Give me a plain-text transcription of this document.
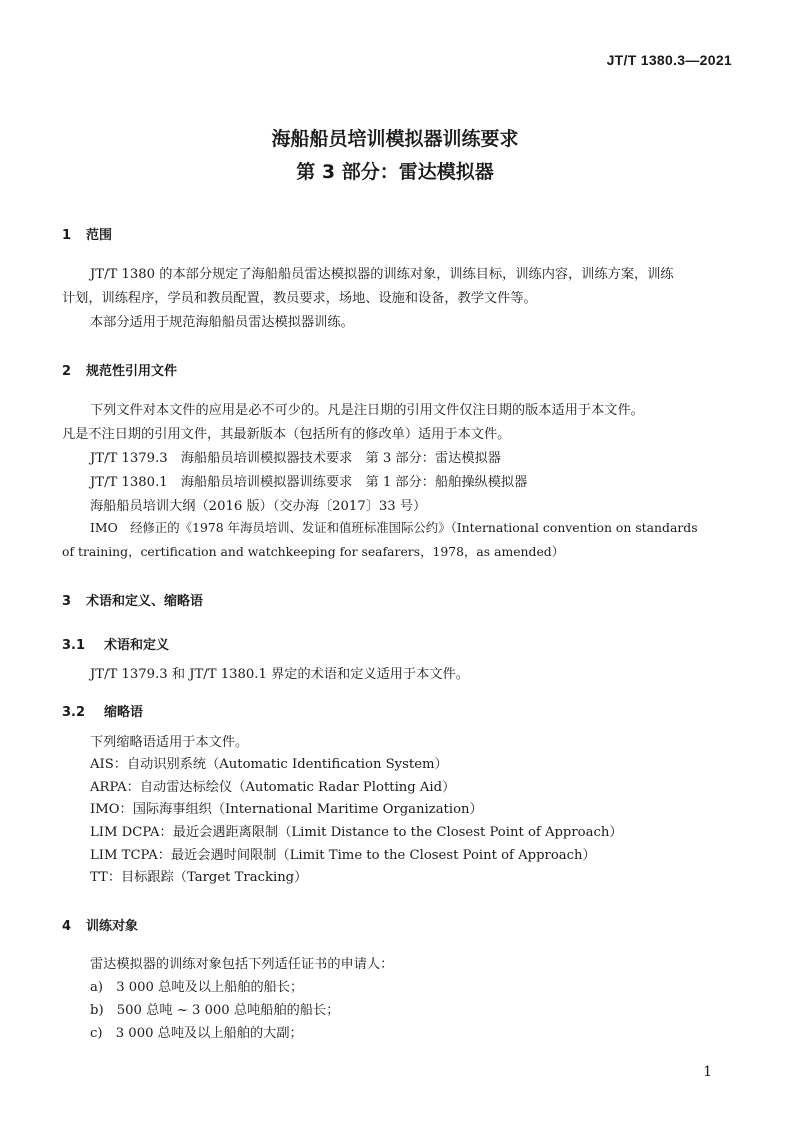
JT/T 1380.3—2021
海船船员培训模拟器训练要求
第 3 部分：雷达模拟器
1 范围
JT/T 1380 的本部分规定了海船船员雷达模拟器的训练对象，训练目标，训练内容，训练方案，训练
计划，训练程序，学员和教员配置，教员要求，场地、设施和设备，教学文件等。
本部分适用于规范海船船员雷达模拟器训练。
2 规范性引用文件
下列文件对本文件的应用是必不可少的。凡是注日期的引用文件仅注日期的版本适用于本文件。
凡是不注日期的引用文件，其最新版本（包括所有的修改单）适用于本文件。
JT/T 1379.3　海船船员培训模拟器技术要求　第 3 部分：雷达模拟器
JT/T 1380.1　海船船员培训模拟器训练要求　第 1 部分：船舶操纵模拟器
海船船员培训大纲（2016 版）（交办海〔2017〕33 号）
IMO　经修正的《1978 年海员培训、发证和值班标准国际公约》（International convention on standards
of training，certification and watchkeeping for seafarers，1978，as amended）
3 术语和定义、缩略语
3.1 术语和定义
JT/T 1379.3 和 JT/T 1380.1 界定的术语和定义适用于本文件。
3.2 缩略语
下列缩略语适用于本文件。
AIS：自动识别系统（Automatic Identification System）
ARPA：自动雷达标绘仪（Automatic Radar Plotting Aid）
IMO：国际海事组织（International Maritime Organization）
LIM DCPA：最近会遇距离限制（Limit Distance to the Closest Point of Approach）
LIM TCPA：最近会遇时间限制（Limit Time to the Closest Point of Approach）
TT：目标跟踪（Target Tracking）
4 训练对象
雷达模拟器的训练对象包括下列适任证书的申请人：
a)　3 000 总吨及以上船舶的船长；
b)　500 总吨 ~ 3 000 总吨船舶的船长；
c)　3 000 总吨及以上船舶的大副；
1
